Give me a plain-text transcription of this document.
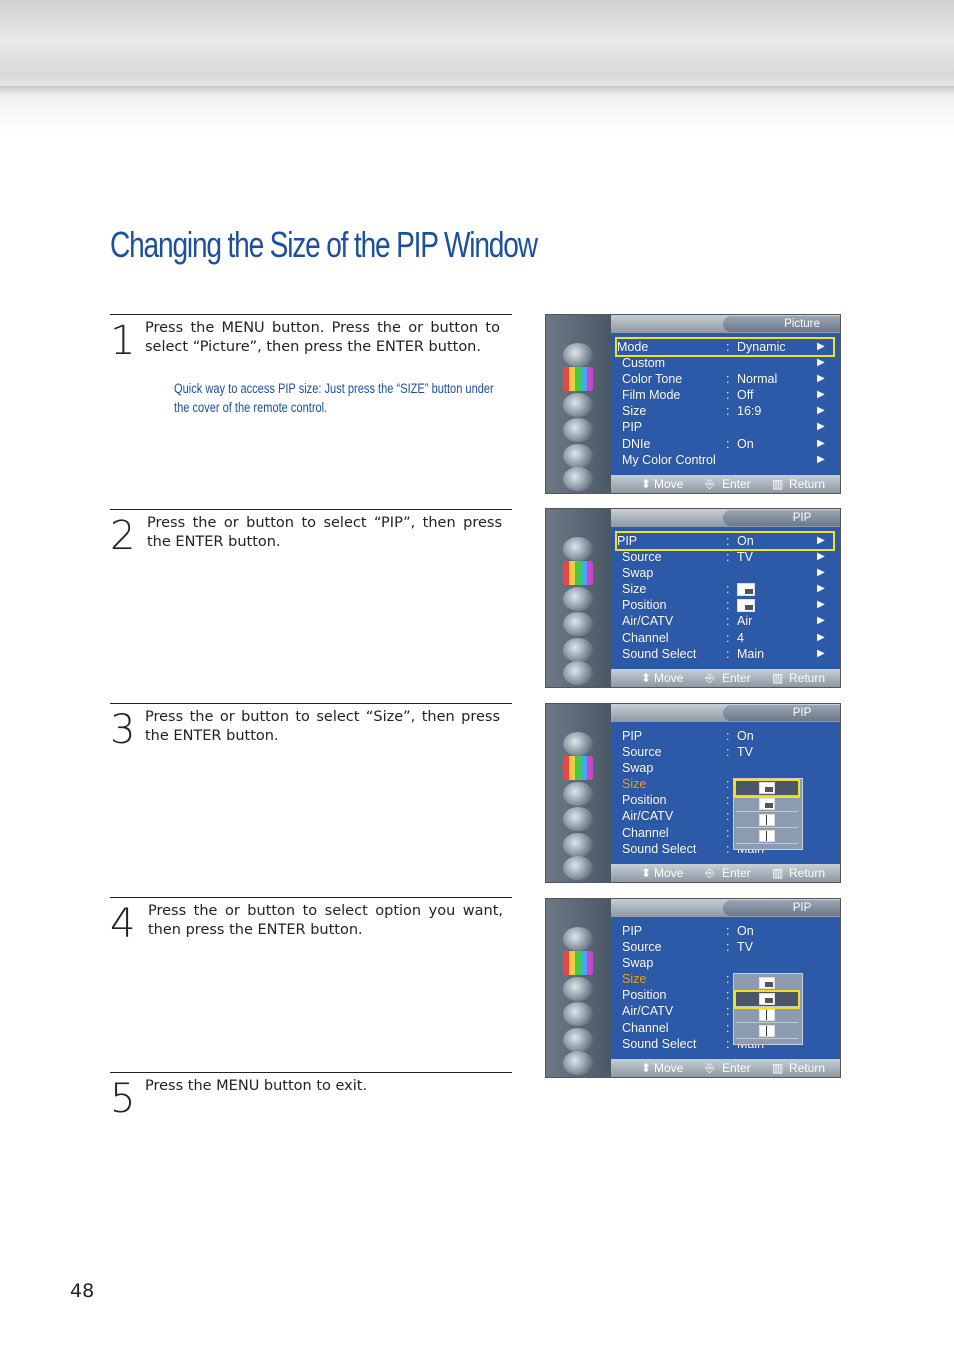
Changing the Size of the PIP Window
1 Press the MENU button. Press the or button to select “Picture”, then press the ENTER button.
Quick way to access PIP size: Just press the “SIZE” button under the cover of the remote control.
2 Press the or button to select “PIP”, then press the ENTER button.
3 Press the or button to select “Size”, then press the ENTER button.
4 Press the or button to select option you want, then press the ENTER button.
5 Press the MENU button to exit.
Picture
Mode	: Dynamic	▶
Custom	▶
Color Tone	: Normal	▶
Film Mode	: Off	▶
Size	: 16:9	▶
PIP	▶
DNIe	: On	▶
My Color Control	▶
⬍ Move ⎆ Enter ▥ Return
PIP
PIP	: On	▶
Source	: TV	▶
Swap	▶
Size	:	▶
Position	:	▶
Air/CATV	: Air	▶
Channel	: 4	▶
Sound Select : Main	▶
⬍ Move ⎆ Enter ▥ Return
PIP
PIP	: On
Source	: TV
Swap
Size	:
Position	:
Air/CATV	:
Channel	:
Sound Select :
⬍ Move ⎆ Enter ▥ Return
PIP
PIP	: On
Source	: TV
Swap
Size	:
Position	:
Air/CATV	:
Channel	:
Sound Select :
⬍ Move ⎆ Enter ▥ Return
48
